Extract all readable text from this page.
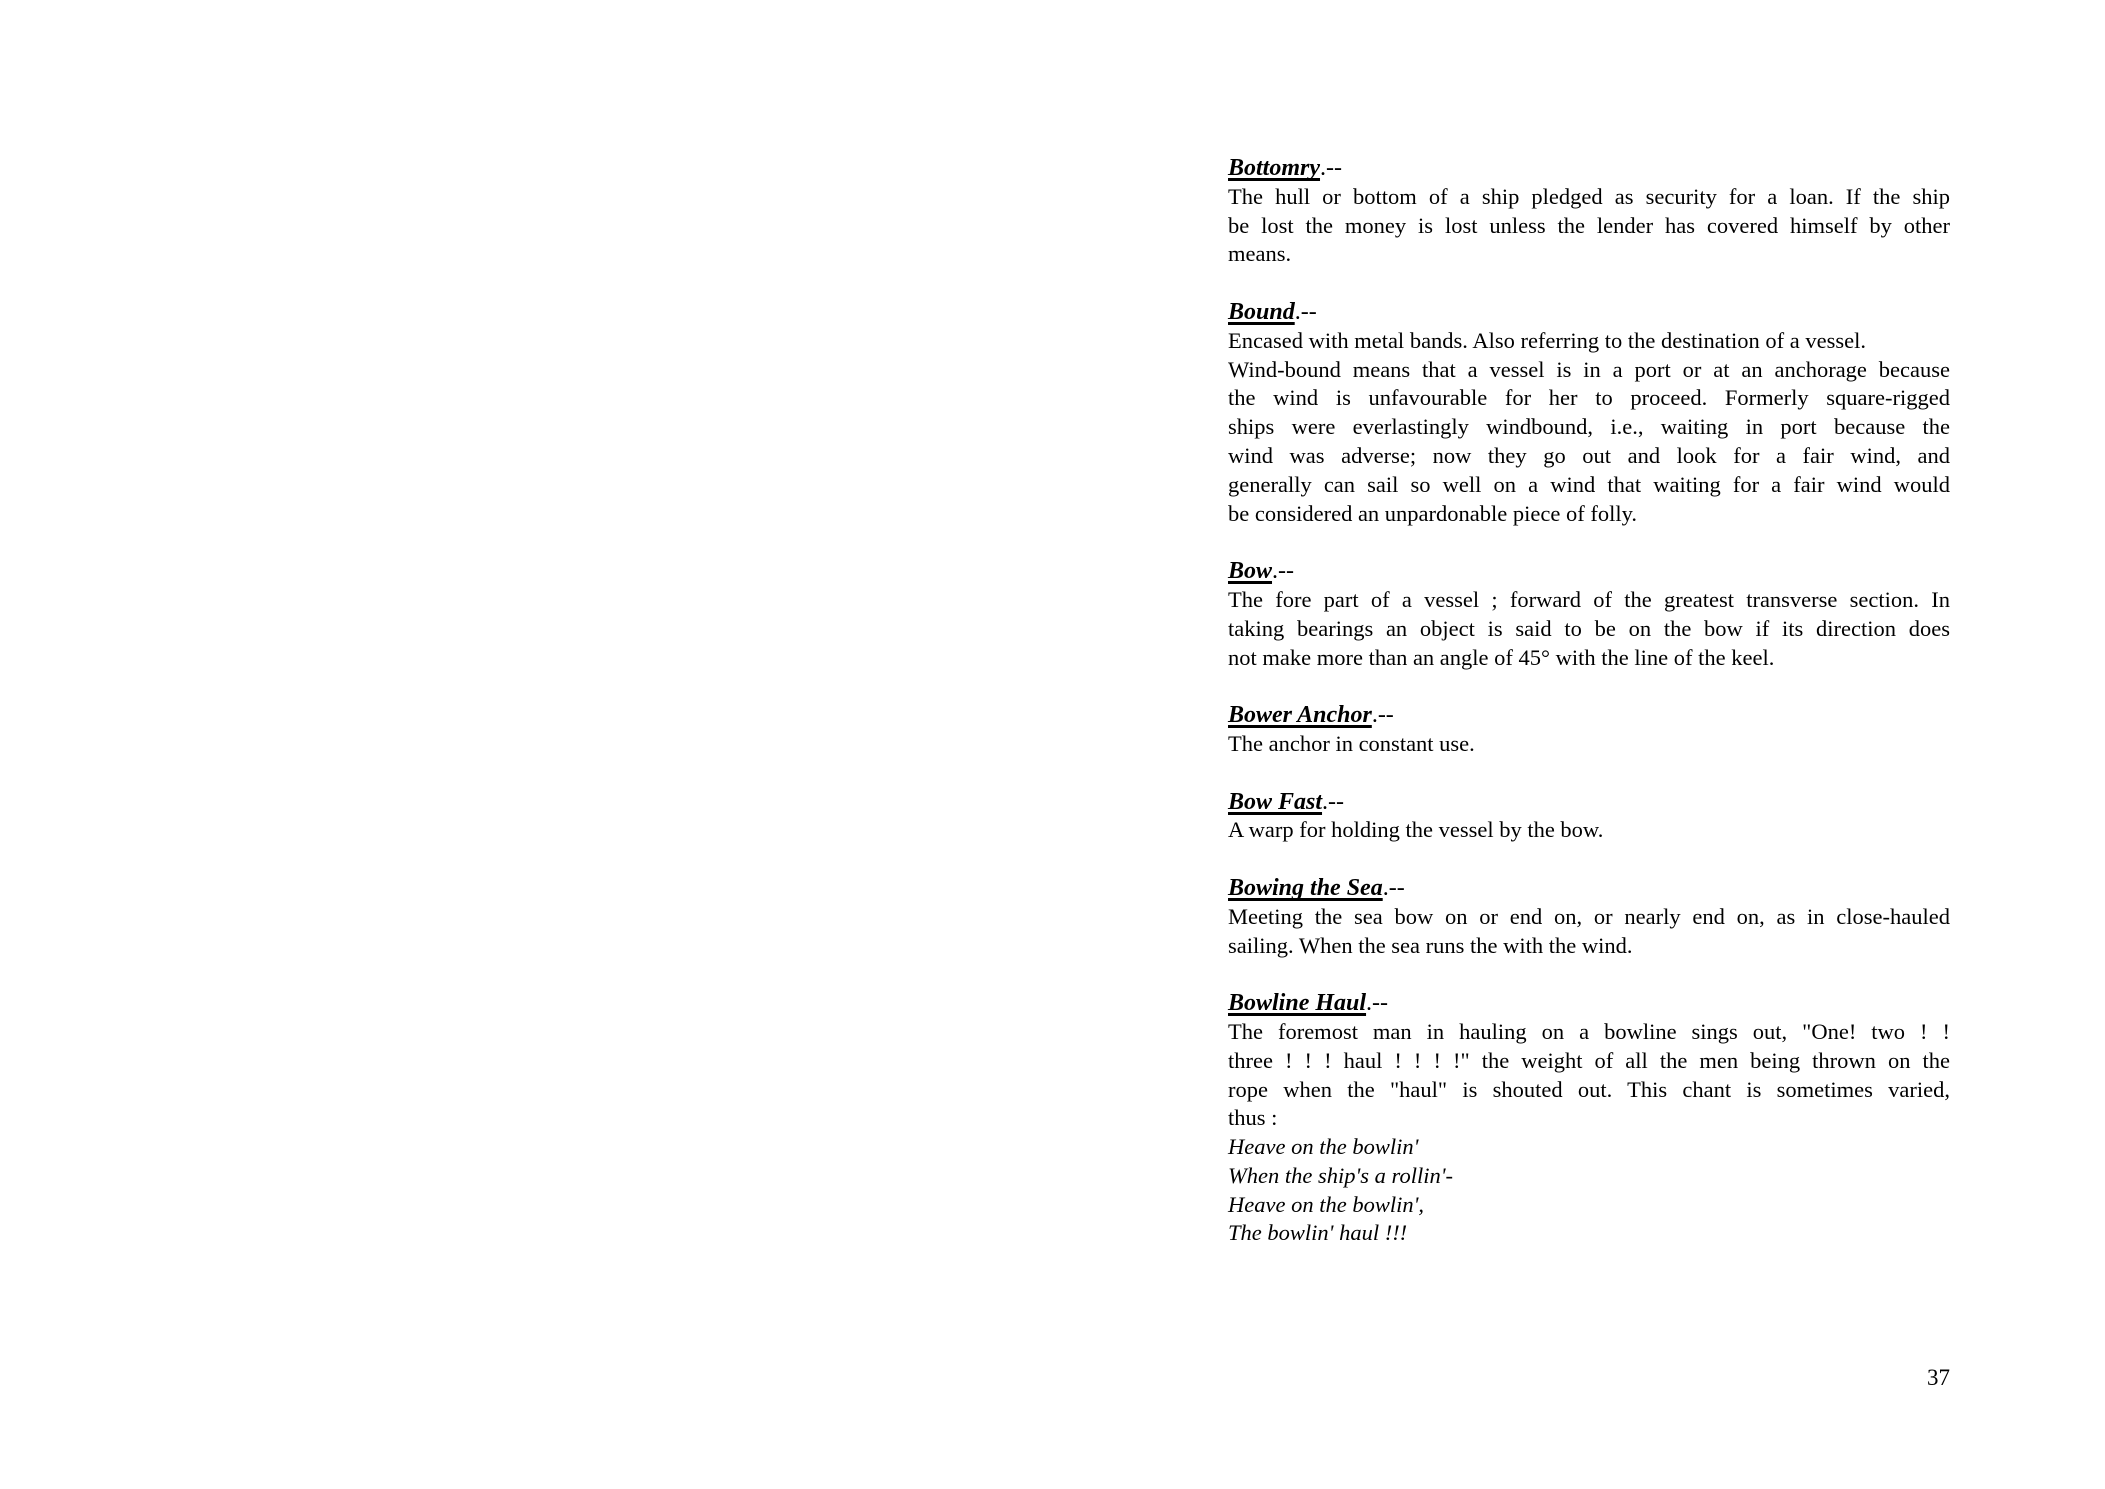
Bottomry.--
The hull or bottom of a ship pledged as security for a loan. If the ship
be lost the money is lost unless the lender has covered himself by other
means.
Bound.--
Encased with metal bands. Also referring to the destination of a vessel.
Wind-bound means that a vessel is in a port or at an anchorage because
the wind is unfavourable for her to proceed. Formerly square-rigged
ships were everlastingly windbound, i.e., waiting in port because the
wind was adverse; now they go out and look for a fair wind, and
generally can sail so well on a wind that waiting for a fair wind would
be considered an unpardonable piece of folly.
Bow.--
The fore part of a vessel ; forward of the greatest transverse section. In
taking bearings an object is said to be on the bow if its direction does
not make more than an angle of 45° with the line of the keel.
Bower Anchor.--
The anchor in constant use.
Bow Fast.--
A warp for holding the vessel by the bow.
Bowing the Sea.--
Meeting the sea bow on or end on, or nearly end on, as in close-hauled
sailing. When the sea runs the with the wind.
Bowline Haul.--
The foremost man in hauling on a bowline sings out, "One! two ! !
three ! ! ! haul ! ! ! !" the weight of all the men being thrown on the
rope when the "haul" is shouted out. This chant is sometimes varied,
thus :
Heave on the bowlin'
When the ship's a rollin'-
Heave on the bowlin',
The bowlin' haul !!!
37
